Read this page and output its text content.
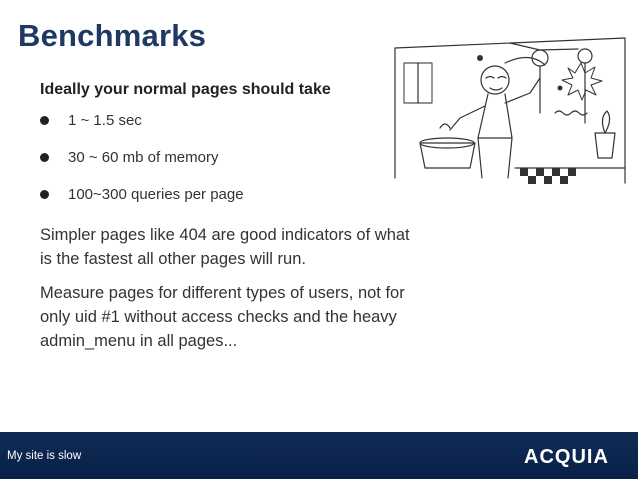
Benchmarks

Ideally your normal pages should take

1 ~ 1.5 sec
30 ~ 60 mb of memory
100~300 queries per page

Simpler pages like 404 are good indicators of what is the fastest all other pages will run.

Measure pages for different types of users, not for only uid #1 without access checks and the heavy admin_menu in all pages...

My site is slow	ACQUIA
